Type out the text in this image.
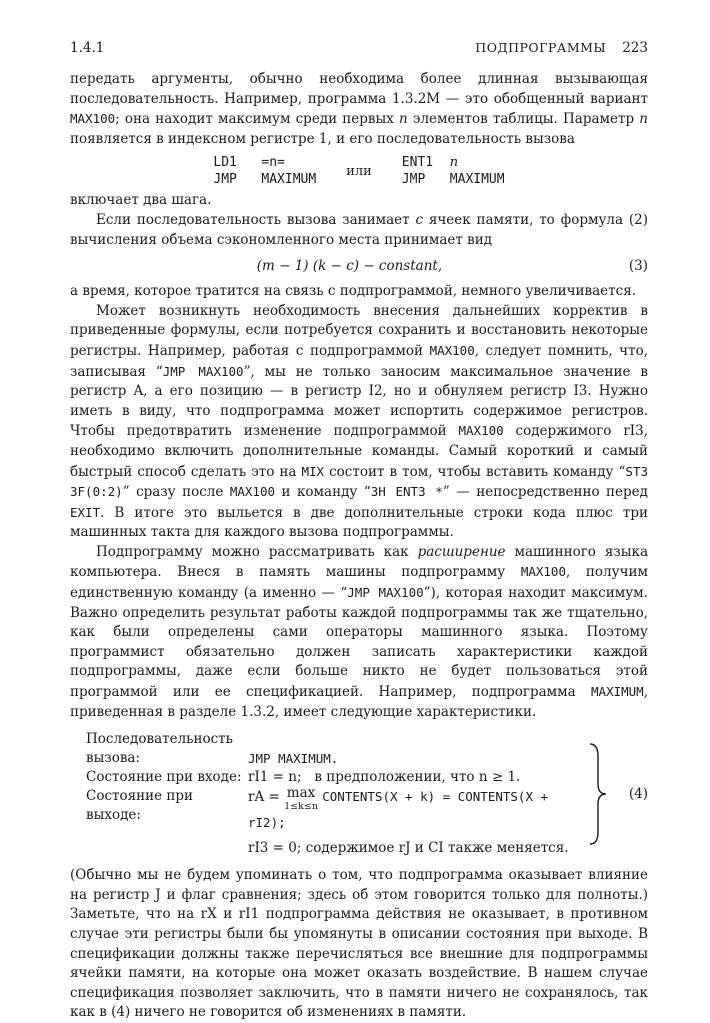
1.4.1	ПОДПРОГРАММЫ 223

передать аргументы, обычно необходима более длинная вызывающая последовательность. Например, программа 1.3.2M — это обобщенный вариант MAX100; она находит максимум среди первых n элементов таблицы. Параметр n появляется в индексном регистре 1, и его последовательность вызова

LD1	=n=
JMP	MAXIMUM
или
ENT1 n
JMP	MAXIMUM

включает два шага.

Если последовательность вызова занимает c ячеек памяти, то формула (2) вычисления объема сэкономленного места принимает вид

(m − 1) (k − c) − constant,	(3)

а время, которое тратится на связь с подпрограммой, немного увеличивается.

Может возникнуть необходимость внесения дальнейших корректив в приведенные формулы, если потребуется сохранить и восстановить некоторые регистры. Например, работая с подпрограммой MAX100, следует помнить, что, записывая “JMP MAX100”, мы не только заносим максимальное значение в регистр A, а его позицию — в регистр I2, но и обнуляем регистр I3. Нужно иметь в виду, что подпрограмма может испортить содержимое регистров. Чтобы предотвратить изменение подпрограммой MAX100 содержимого rI3, необходимо включить дополнительные команды. Самый короткий и самый быстрый способ сделать это на MIX состоит в том, чтобы вставить команду “ST3 3F(0:2)” сразу после MAX100 и команду “3H ENT3 *” — непосредственно перед EXIT. В итоге это выльется в две дополнительные строки кода плюс три машинных такта для каждого вызова подпрограммы.

Подпрограмму можно рассматривать как расширение машинного языка компьютера. Внеся в память машины подпрограмму MAX100, получим единственную команду (а именно — “JMP MAX100”), которая находит максимум. Важно определить результат работы каждой подпрограммы так же тщательно, как были определены сами операторы машинного языка. Поэтому программист обязательно должен записать характеристики каждой подпрограммы, даже если больше никто не будет пользоваться этой программой или ее спецификацией. Например, подпрограмма MAXIMUM, приведенная в разделе 1.3.2, имеет следующие характеристики.

Последовательность
вызова:	JMP MAXIMUM.
Состояние при входе: rI1 = n; в предположении, что n ≥ 1.
Состояние при выходе:
rA = max
1≤k≤n
CONTENTS(X + k) = CONTENTS(X + rI2);
rI3 = 0; содержимое rJ и CI также меняется.
(4)

(Обычно мы не будем упоминать о том, что подпрограмма оказывает влияние на регистр J и флаг сравнения; здесь об этом говорится только для полноты.) Заметьте, что на rX и rI1 подпрограмма действия не оказывает, в противном случае эти регистры были бы упомянуты в описании состояния при выходе. В спецификации должны также перечисляться все внешние для подпрограммы ячейки памяти, на которые она может оказать воздействие. В нашем случае спецификация позволяет заключить, что в памяти ничего не сохранялось, так как в (4) ничего не говорится об изменениях в памяти.
